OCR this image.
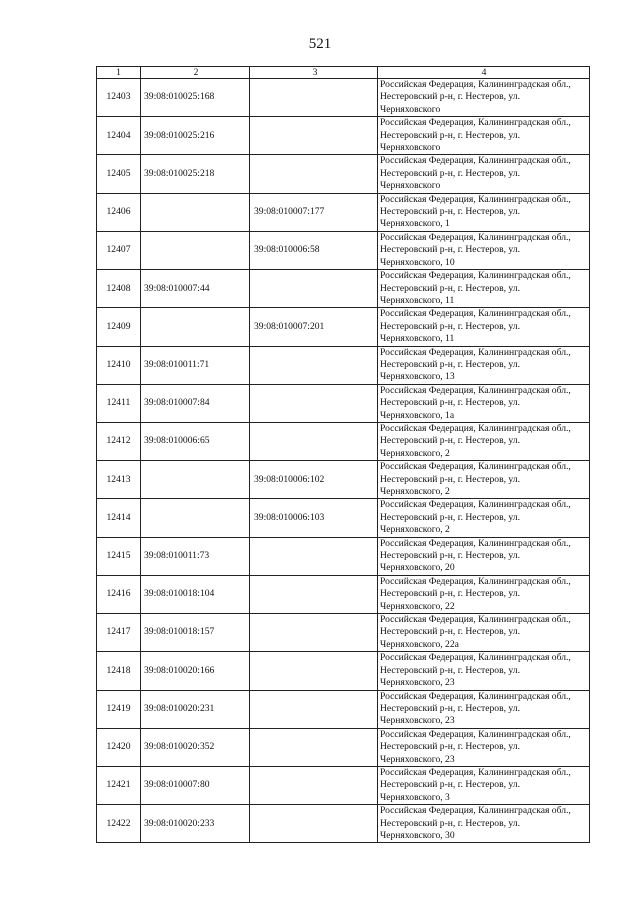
521
1	2	3	4
12403	39:08:010025:168		Российская Федерация, Калининградская обл.,
Нестеровский р-н, г. Нестеров, ул.
Черняховского

12404	39:08:010025:216		Российская Федерация, Калининградская обл.,
Нестеровский р-н, г. Нестеров, ул.
Черняховского

12405	39:08:010025:218		Российская Федерация, Калининградская обл.,
Нестеровский р-н, г. Нестеров, ул.
Черняховского

12406		39:08:010007:177	Российская Федерация, Калининградская обл.,
Нестеровский р-н, г. Нестеров, ул.
Черняховского, 1

12407		39:08:010006:58	Российская Федерация, Калининградская обл.,
Нестеровский р-н, г. Нестеров, ул.
Черняховского, 10

12408	39:08:010007:44		Российская Федерация, Калининградская обл.,
Нестеровский р-н, г. Нестеров, ул.
Черняховского, 11

12409		39:08:010007:201	Российская Федерация, Калининградская обл.,
Нестеровский р-н, г. Нестеров, ул.
Черняховского, 11

12410	39:08:010011:71		Российская Федерация, Калининградская обл.,
Нестеровский р-н, г. Нестеров, ул.
Черняховского, 13

12411	39:08:010007:84		Российская Федерация, Калининградская обл.,
Нестеровский р-н, г. Нестеров, ул.
Черняховского, 1а

12412	39:08:010006:65		Российская Федерация, Калининградская обл.,
Нестеровский р-н, г. Нестеров, ул.
Черняховского, 2

12413		39:08:010006:102	Российская Федерация, Калининградская обл.,
Нестеровский р-н, г. Нестеров, ул.
Черняховского, 2

12414		39:08:010006:103	Российская Федерация, Калининградская обл.,
Нестеровский р-н, г. Нестеров, ул.
Черняховского, 2

12415	39:08:010011:73		Российская Федерация, Калининградская обл.,
Нестеровский р-н, г. Нестеров, ул.
Черняховского, 20

12416	39:08:010018:104		Российская Федерация, Калининградская обл.,
Нестеровский р-н, г. Нестеров, ул.
Черняховского, 22

12417	39:08:010018:157		Российская Федерация, Калининградская обл.,
Нестеровский р-н, г. Нестеров, ул.
Черняховского, 22а

12418	39:08:010020:166		Российская Федерация, Калининградская обл.,
Нестеровский р-н, г. Нестеров, ул.
Черняховского, 23

12419	39:08:010020:231		Российская Федерация, Калининградская обл.,
Нестеровский р-н, г. Нестеров, ул.
Черняховского, 23

12420	39:08:010020:352		Российская Федерация, Калининградская обл.,
Нестеровский р-н, г. Нестеров, ул.
Черняховского, 23

12421	39:08:010007:80		Российская Федерация, Калининградская обл.,
Нестеровский р-н, г. Нестеров, ул.
Черняховского, 3

12422	39:08:010020:233		Российская Федерация, Калининградская обл.,
Нестеровский р-н, г. Нестеров, ул.
Черняховского, 30
